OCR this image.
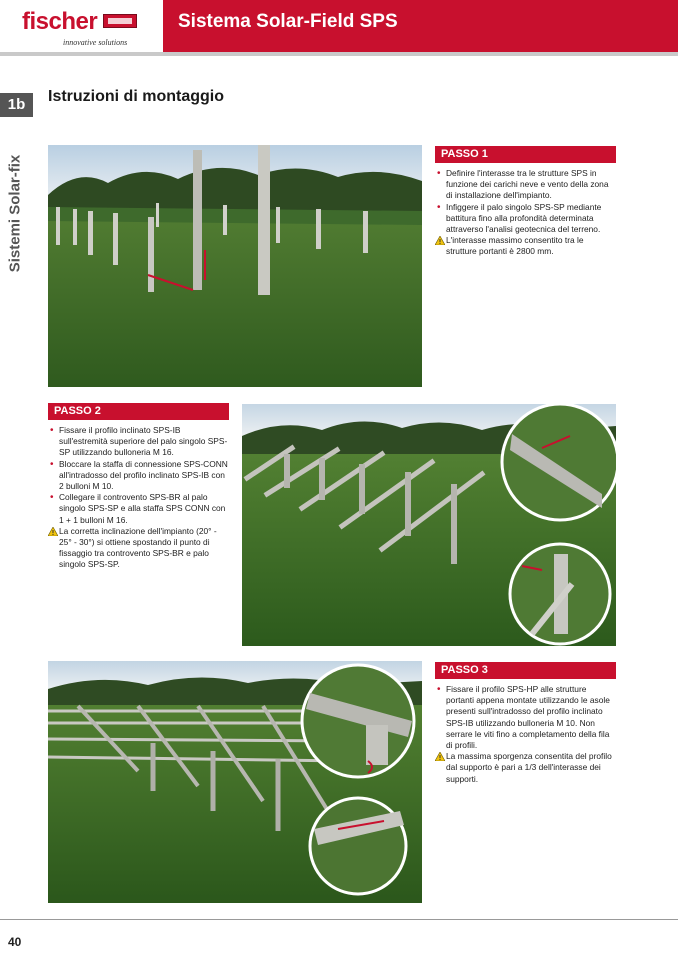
fischer
innovative solutions
Sistema Solar-Field SPS
1b
Sistemi Solar-fix
Istruzioni di montaggio
PASSO 1
• Definire l'interasse tra le strutture SPS in funzione dei carichi neve e vento della zona di installazione dell'impianto.
• Infiggere il palo singolo SPS-SP mediante battitura fino alla profondità determinata attraverso l'analisi geotecnica del terreno.
L'interasse massimo consentito tra le strutture portanti è 2800 mm.
PASSO 2
• Fissare il profilo inclinato SPS-IB sull'estremità superiore del palo singolo SPS-SP utilizzando bulloneria M 16.
• Bloccare la staffa di connessione SPS-CONN all'intradosso del profilo inclinato SPS-IB con 2 bulloni M 10.
• Collegare il controvento SPS-BR al palo singolo SPS-SP e alla staffa SPS CONN con 1 + 1 bulloni M 16.
La corretta inclinazione dell'impianto (20° - 25° - 30°) si ottiene spostando il punto di fissaggio tra controvento SPS-BR e palo singolo SPS-SP.
PASSO 3
• Fissare il profilo SPS-HP alle strutture portanti appena montate utilizzando le asole presenti sull'intradosso del profilo inclinato SPS-IB utilizzando bulloneria M 10. Non serrare le viti fino a completamento della fila di profili.
La massima sporgenza consentita del profilo dal supporto è pari a 1/3 dell'interasse dei supporti.
40
